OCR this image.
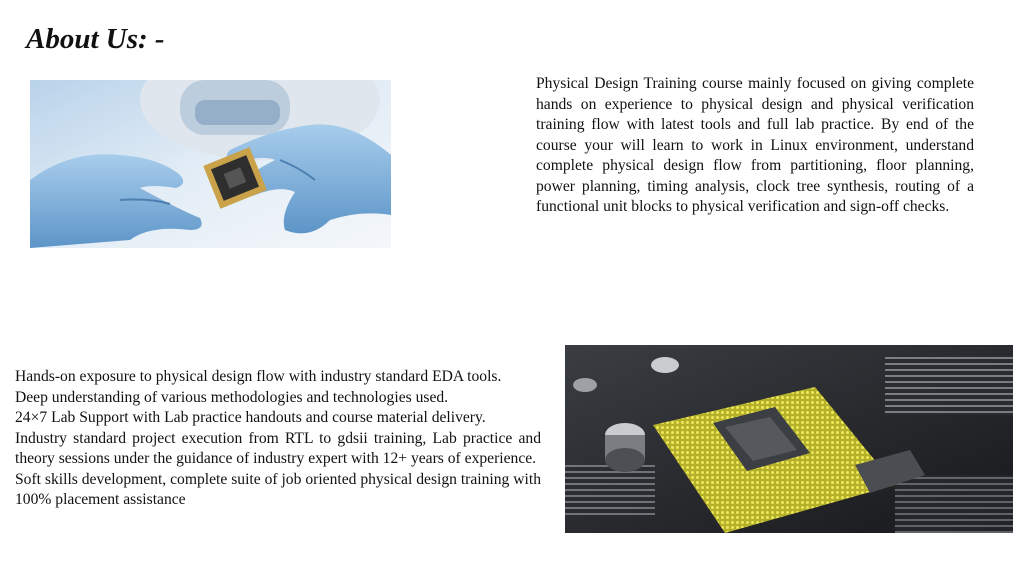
About Us: -

Physical Design Training course mainly focused on giving complete hands on experience to physical design and physical verification training flow with latest tools and full lab practice. By end of the course your will learn to work in Linux environment, understand complete physical design flow from partitioning, floor planning, power planning, timing analysis, clock tree synthesis, routing of a functional unit blocks to physical verification and sign-off checks.

Hands-on exposure to physical design flow with industry standard EDA tools.
Deep understanding of various methodologies and technologies used.
24×7 Lab Support with Lab practice handouts and course material delivery.
Industry standard project execution from RTL to gdsii training, Lab practice and theory sessions under the guidance of industry expert with 12+ years of experience.
Soft skills development, complete suite of job oriented physical design training with 100% placement assistance
